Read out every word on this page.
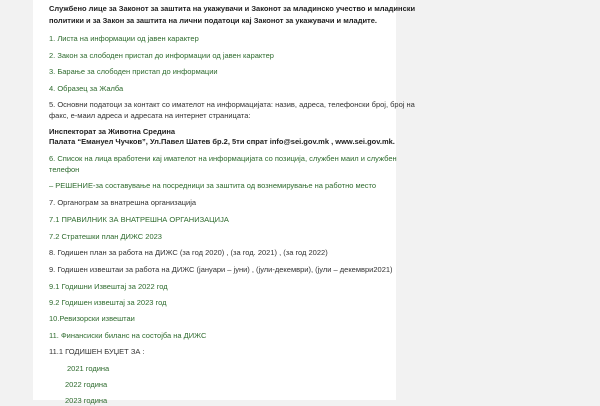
Службено лице за Законот за заштита на укажувачи и Законот за младинско учество и младински
политики и за Закон за заштита на лични податоци кај Законот за укажувачи и младите.
1. Листа на информации од јавен карактер
2. Закон за слободен пристап до информации од јавен карактер
3. Барање за слободен пристап до информации
4. Образец за Жалба
5. Основни податоци за контакт со имателот на информацијата: назив, адреса, телефонски број, број на
факс, е-маил адреса и адресата на интернет страницата:
Инспекторат за Животна Средина
Палата “Емануел Чучков”, Ул.Павел Шатев бр.2, 5ти спрат info@sei.gov.mk , www.sei.gov.mk.
6. Список на лица вработени кај имателот на информацијата со позиција, службен маил и службен
телефон
– РЕШЕНИЕ-за составување на посредници за заштита од вознемирување на работно место
7. Органограм за внатрешна организација
7.1 ПРАВИЛНИК ЗА ВНАТРЕШНА ОРГАНИЗАЦИЈА
7.2 Стратешки план ДИЖС 2023
8. Годишен план за работа на ДИЖС (за год 2020) , (за год. 2021) , (за год 2022)
9. Годишен извештаи за работа на ДИЖС (јануари – јуни) , (јули-декември), (јули – декември2021)
9.1 Годишни Извештај за 2022 год
9.2 Годишен извештај за 2023 год
10.Ревизорски извештаи
11. Финансиски биланс на состојба на ДИЖС
11.1 ГОДИШЕН БУЏЕТ ЗА :
2021 година
2022 година
2023 година
